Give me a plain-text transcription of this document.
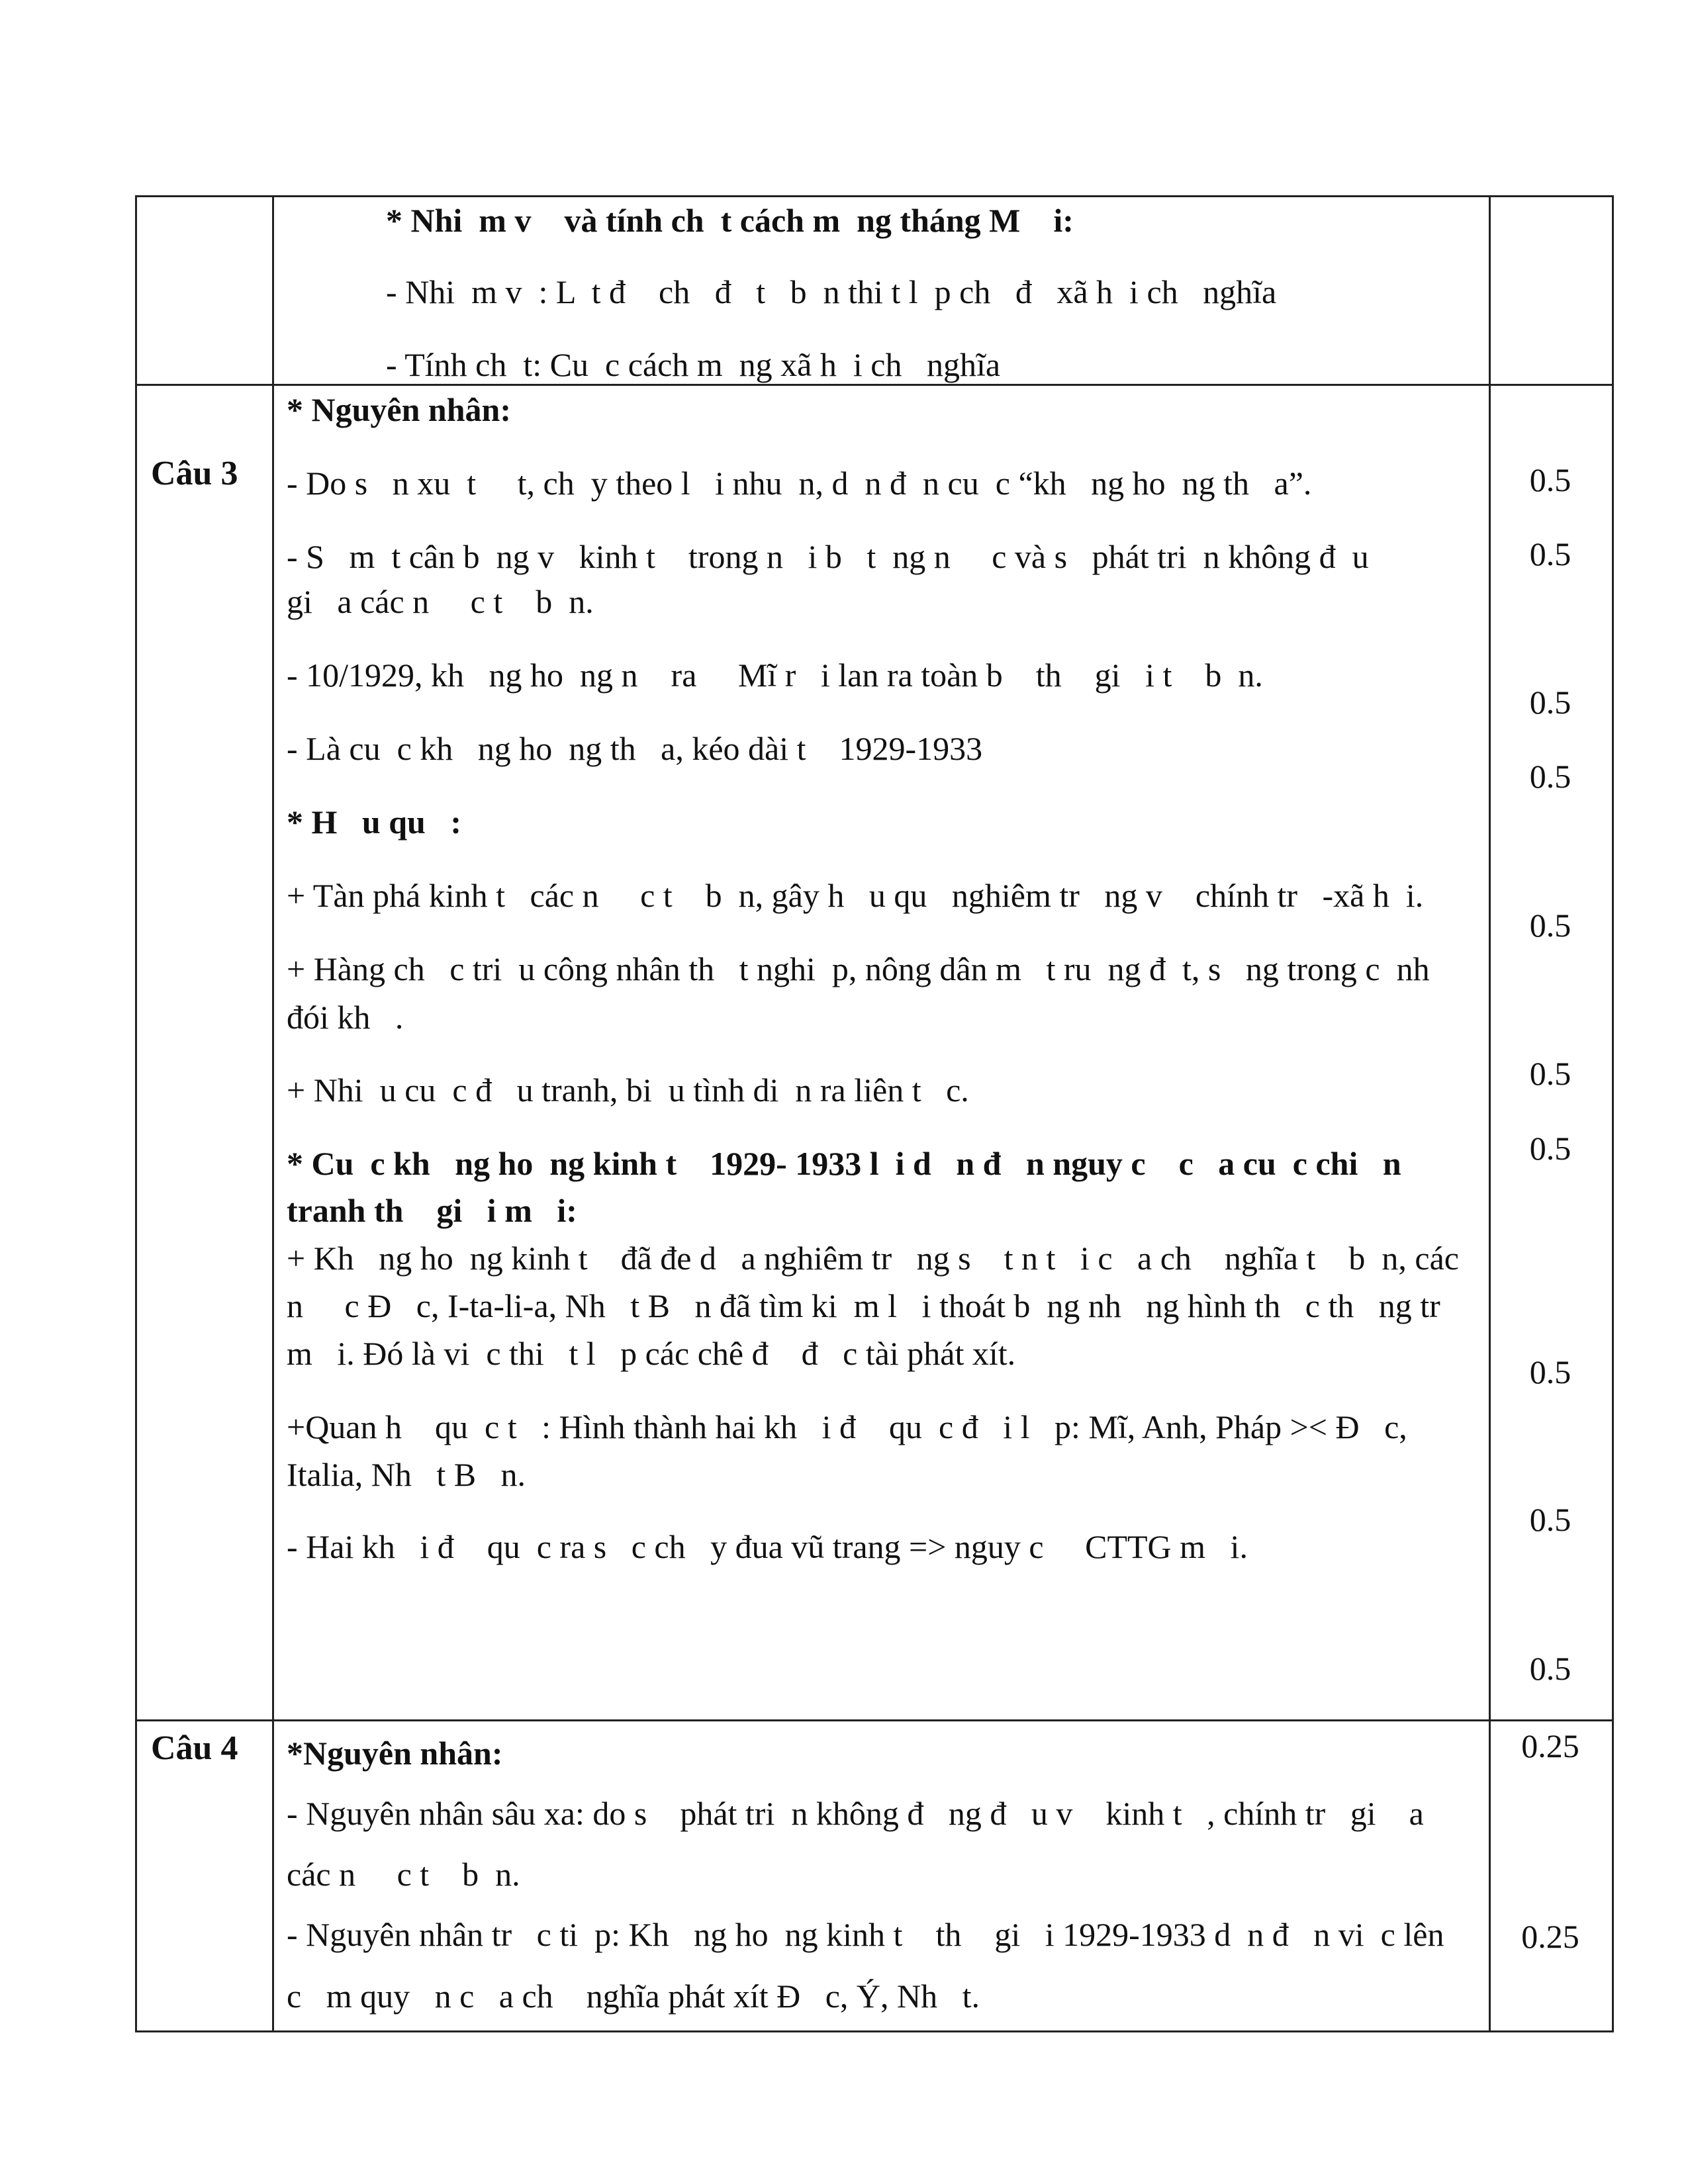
Câu 3
Câu 4
* Nhi  m v    và tính ch  t cách m  ng tháng M    i:
- Nhi  m v  : L  t đ    ch   đ   t   b  n thi t l  p ch   đ   xã h  i ch   nghĩa
- Tính ch  t: Cu  c cách m  ng xã h  i ch   nghĩa
* Nguyên nhân:
- Do s   n xu  t     t, ch  y theo l   i nhu  n, d  n đ  n cu  c “kh   ng ho  ng th   a”.
- S   m  t cân b  ng v   kinh t    trong n   i b   t  ng n     c và s   phát tri  n không đ  u
gi   a các n     c t    b  n.
- 10/1929, kh   ng ho  ng n    ra     Mĩ r   i lan ra toàn b    th    gi   i t    b  n.
- Là cu  c kh   ng ho  ng th   a, kéo dài t    1929-1933
* H   u qu   :
+ Tàn phá kinh t   các n     c t    b  n, gây h   u qu   nghiêm tr   ng v    chính tr   -xã h  i.
+ Hàng ch   c tri  u công nhân th   t nghi  p, nông dân m   t ru  ng đ  t, s   ng trong c  nh
đói kh   .
+ Nhi  u cu  c đ   u tranh, bi  u tình di  n ra liên t   c.
* Cu  c kh   ng ho  ng kinh t    1929- 1933 l  i d   n đ   n nguy c    c   a cu  c chi   n
tranh th    gi   i m   i:
+ Kh   ng ho  ng kinh t    đã đe d   a nghiêm tr   ng s    t n t   i c   a ch    nghĩa t    b  n, các
n     c Đ   c, I-ta-li-a, Nh   t B   n đã tìm ki  m l   i thoát b  ng nh   ng hình th   c th   ng tr
m   i. Đó là vi  c thi   t l   p các chê đ    đ   c tài phát xít.
+Quan h    qu  c t   : Hình thành hai kh   i đ    qu  c đ   i l   p: Mĩ, Anh, Pháp >< Đ   c,
Italia, Nh   t B   n.
- Hai kh   i đ    qu  c ra s   c ch   y đua vũ trang => nguy c     CTTG m   i.
*Nguyên nhân:
- Nguyên nhân sâu xa: do s    phát tri  n không đ   ng đ   u v    kinh t   , chính tr   gi    a
các n     c t    b  n.
- Nguyên nhân tr   c ti  p: Kh   ng ho  ng kinh t    th    gi   i 1929-1933 d  n đ   n vi  c lên
c   m quy   n c   a ch    nghĩa phát xít Đ   c, Ý, Nh   t.
0.5
0.5
0.5
0.5
0.5
0.5
0.5
0.5
0.5
0.5
0.25
0.25
